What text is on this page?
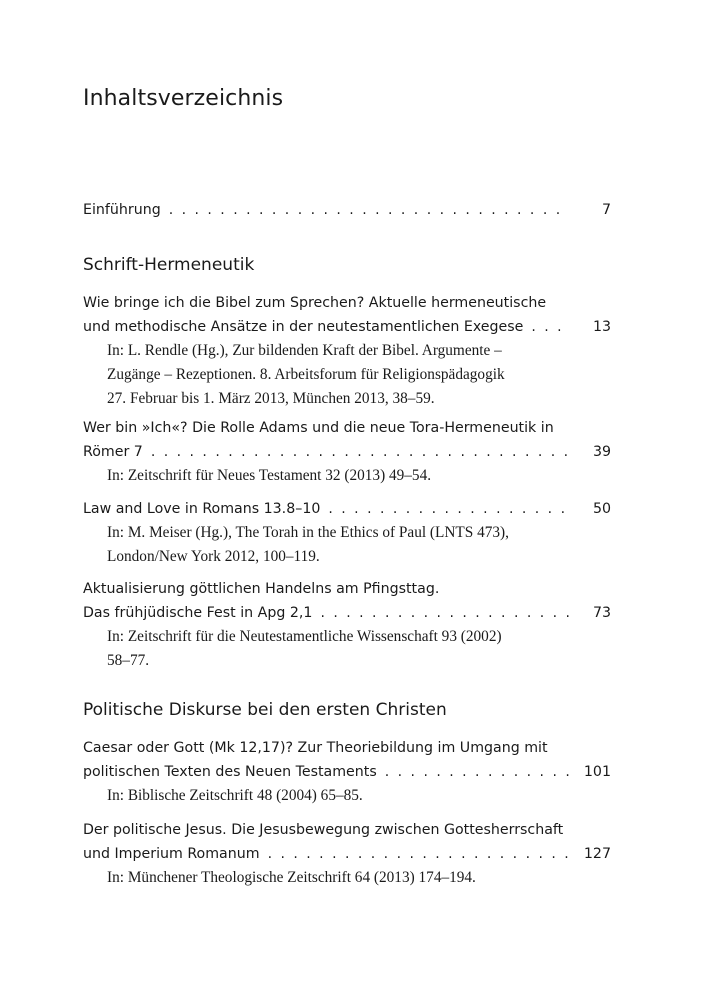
Inhaltsverzeichnis
Einführung . . .	7
Schrift-Hermeneutik
Wie bringe ich die Bibel zum Sprechen? Aktuelle hermeneutische
und methodische Ansätze in der neutestamentlichen Exegese . . .	13
In: L. Rendle (Hg.), Zur bildenden Kraft der Bibel. Argumente –
Zugänge – Rezeptionen. 8. Arbeitsforum für Religionspädagogik
27. Februar bis 1. März 2013, München 2013, 38–59.
Wer bin »Ich«? Die Rolle Adams und die neue Tora-Hermeneutik in
Römer 7 . . .	39
In: Zeitschrift für Neues Testament 32 (2013) 49–54.
Law and Love in Romans 13.8–10 . . .	50
In: M. Meiser (Hg.), The Torah in the Ethics of Paul (LNTS 473),
London/New York 2012, 100–119.
Aktualisierung göttlichen Handelns am Pfingsttag.
Das frühjüdische Fest in Apg 2,1 . . .	73
In: Zeitschrift für die Neutestamentliche Wissenschaft 93 (2002)
58–77.
Politische Diskurse bei den ersten Christen
Caesar oder Gott (Mk 12,17)? Zur Theoriebildung im Umgang mit
politischen Texten des Neuen Testaments . . .	101
In: Biblische Zeitschrift 48 (2004) 65–85.
Der politische Jesus. Die Jesusbewegung zwischen Gottesherrschaft
und Imperium Romanum . . .	127
In: Münchener Theologische Zeitschrift 64 (2013) 174–194.
